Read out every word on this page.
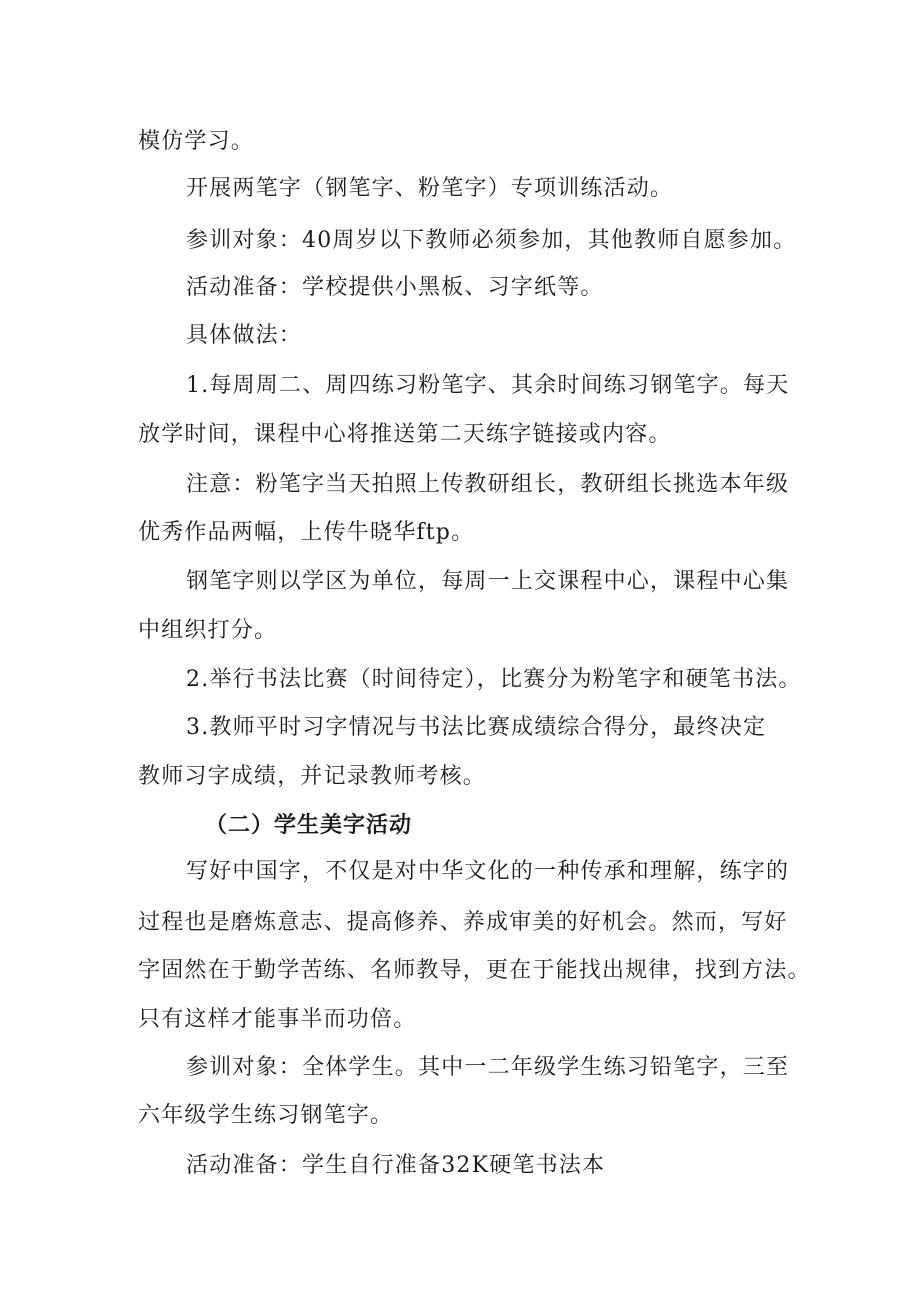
模仿学习。
开展两笔字（钢笔字、粉笔字）专项训练活动。
参训对象：40周岁以下教师必须参加，其他教师自愿参加。
活动准备：学校提供小黑板、习字纸等。
具体做法：
1.每周周二、周四练习粉笔字、其余时间练习钢笔字。每天
放学时间，课程中心将推送第二天练字链接或内容。
注意：粉笔字当天拍照上传教研组长，教研组长挑选本年级
优秀作品两幅，上传牛晓华ftp。
钢笔字则以学区为单位，每周一上交课程中心，课程中心集
中组织打分。
2.举行书法比赛（时间待定），比赛分为粉笔字和硬笔书法。
3.教师平时习字情况与书法比赛成绩综合得分，最终决定
教师习字成绩，并记录教师考核。
（二）学生美字活动
写好中国字，不仅是对中华文化的一种传承和理解，练字的
过程也是磨炼意志、提高修养、养成审美的好机会。然而，写好
字固然在于勤学苦练、名师教导，更在于能找出规律，找到方法。
只有这样才能事半而功倍。
参训对象：全体学生。其中一二年级学生练习铅笔字，三至
六年级学生练习钢笔字。
活动准备：学生自行准备32K硬笔书法本
